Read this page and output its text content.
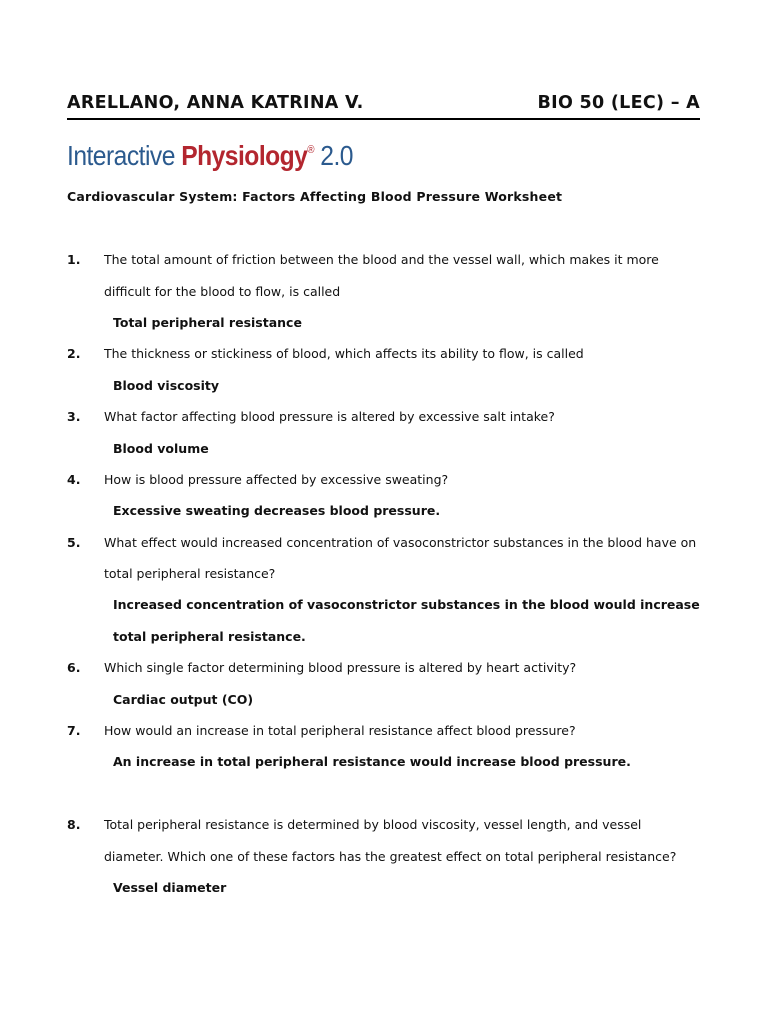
ARELLANO, ANNA KATRINA V.	BIO 50 (LEC) – A
Interactive Physiology® 2.0
Cardiovascular System: Factors Affecting Blood Pressure Worksheet
1. The total amount of friction between the blood and the vessel wall, which makes it more
difficult for the blood to flow, is called
Total peripheral resistance
2. The thickness or stickiness of blood, which affects its ability to flow, is called
Blood viscosity
3. What factor affecting blood pressure is altered by excessive salt intake?
Blood volume
4. How is blood pressure affected by excessive sweating?
Excessive sweating decreases blood pressure.
5. What effect would increased concentration of vasoconstrictor substances in the blood have on
total peripheral resistance?
Increased concentration of vasoconstrictor substances in the blood would increase
total peripheral resistance.
6. Which single factor determining blood pressure is altered by heart activity?
Cardiac output (CO)
7. How would an increase in total peripheral resistance affect blood pressure?
An increase in total peripheral resistance would increase blood pressure.
8. Total peripheral resistance is determined by blood viscosity, vessel length, and vessel
diameter. Which one of these factors has the greatest effect on total peripheral resistance?
Vessel diameter
